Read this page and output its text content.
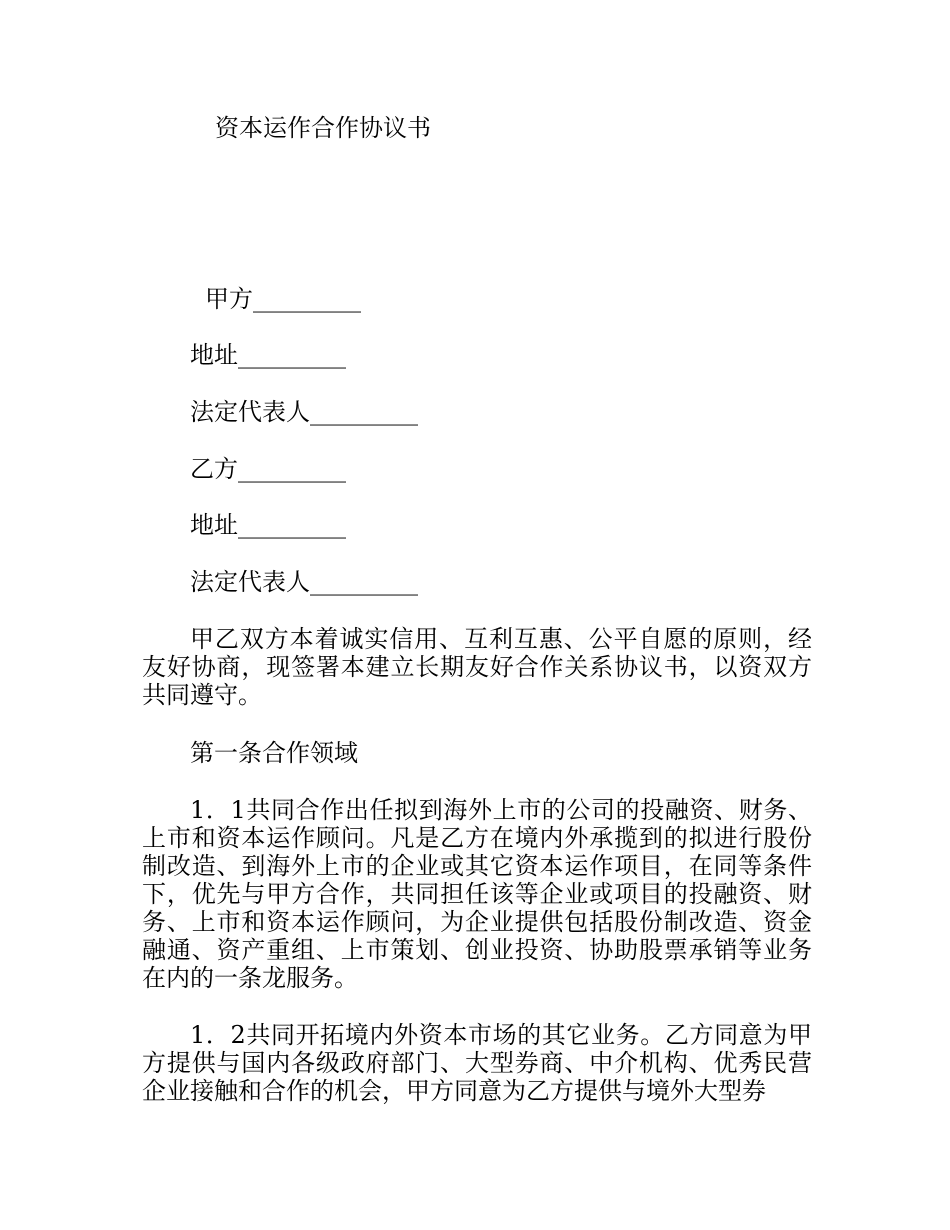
资本运作合作协议书
甲方_________
地址_________
法定代表人_________
乙方_________
地址_________
法定代表人_________

甲乙双方本着诚实信用、互利互惠、公平自愿的原则，经友好协商，现签署本建立长期友好合作关系协议书，以资双方共同遵守。

第一条合作领域

1．1共同合作出任拟到海外上市的公司的投融资、财务、上市和资本运作顾问。凡是乙方在境内外承揽到的拟进行股份制改造、到海外上市的企业或其它资本运作项目，在同等条件下，优先与甲方合作，共同担任该等企业或项目的投融资、财务、上市和资本运作顾问，为企业提供包括股份制改造、资金融通、资产重组、上市策划、创业投资、协助股票承销等业务在内的一条龙服务。

1．2共同开拓境内外资本市场的其它业务。乙方同意为甲方提供与国内各级政府部门、大型券商、中介机构、优秀民营企业接触和合作的机会，甲方同意为乙方提供与境外大型券
